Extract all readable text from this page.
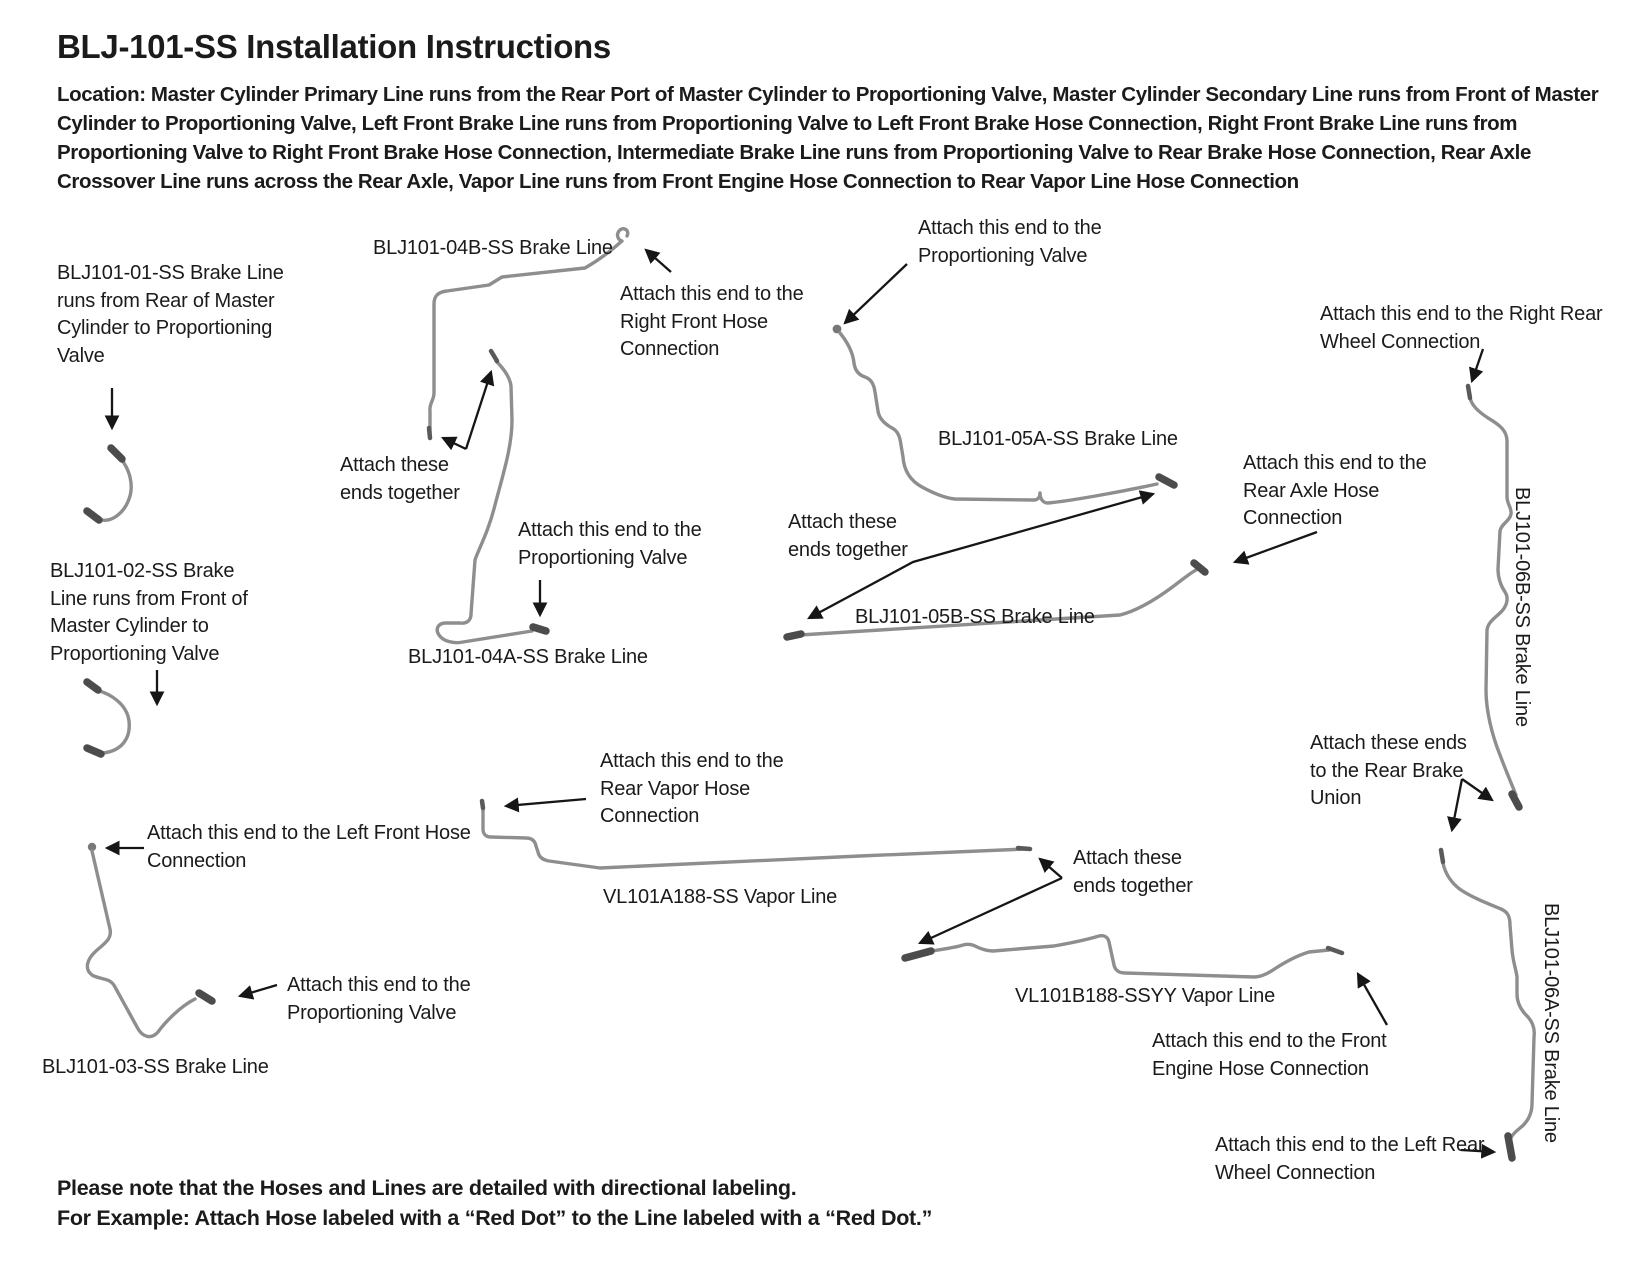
BLJ-101-SS Installation Instructions
Location: Master Cylinder Primary Line runs from the Rear Port of Master Cylinder to Proportioning Valve, Master Cylinder Secondary Line runs from Front of Master Cylinder to Proportioning Valve, Left Front Brake Line runs from Proportioning Valve to Left Front Brake Hose Connection, Right Front Brake Line runs from Proportioning Valve to Right Front Brake Hose Connection, Intermediate Brake Line runs from Proportioning Valve to Rear Brake Hose Connection, Rear Axle Crossover Line runs across the Rear Axle, Vapor Line runs from Front Engine Hose Connection to Rear Vapor Line Hose Connection
BLJ101-01-SS Brake Line runs from Rear of Master Cylinder to Proportioning Valve
BLJ101-02-SS Brake Line runs from Front of Master Cylinder to Proportioning Valve
Attach this end to the Left Front Hose Connection
Attach this end to the Proportioning Valve
BLJ101-03-SS Brake Line
BLJ101-04B-SS Brake Line
Attach this end to the Right Front Hose Connection
Attach these ends together
Attach this end to the Proportioning Valve
BLJ101-04A-SS Brake Line
Attach this end to the Proportioning Valve
BLJ101-05A-SS Brake Line
Attach these ends together
Attach this end to the Rear Axle Hose Connection
BLJ101-05B-SS Brake Line
Attach this end to the Right Rear Wheel Connection
BLJ101-06B-SS Brake Line
Attach these ends to the Rear Brake Union
BLJ101-06A-SS Brake Line
Attach this end to the Rear Vapor Hose Connection
VL101A188-SS Vapor Line
Attach these ends together
VL101B188-SSYY Vapor Line
Attach this end to the Front Engine Hose Connection
Attach this end to the Left Rear Wheel Connection
Please note that the Hoses and Lines are detailed with directional labeling.
For Example: Attach Hose labeled with a “Red Dot” to the Line labeled with a “Red Dot.”
